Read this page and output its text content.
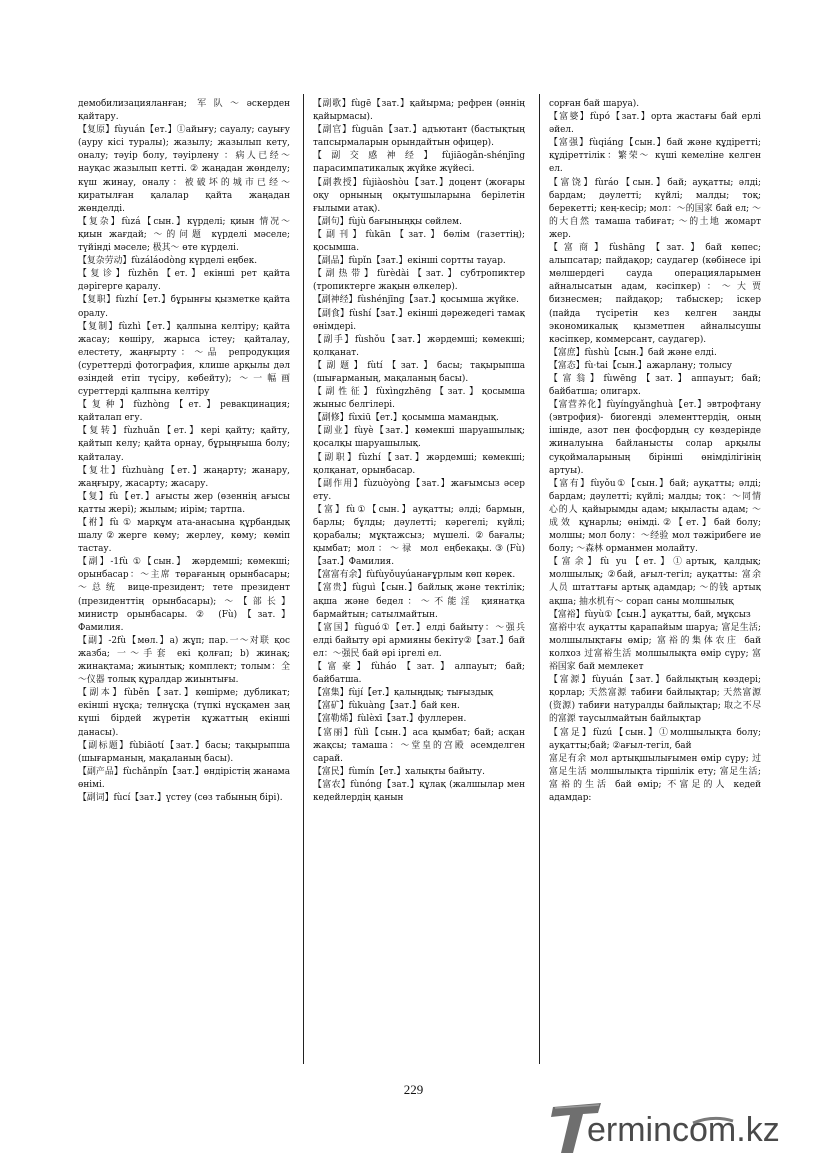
демобилизацияланған; 军队～әскерден қайтару.

【复原】fùyuán【ет.】①айығу; сауалу; сауығу (ауру кісі туралы); жазылу; жазылып кету, оналу; тәуір болу, тәуірлену ：病人已经～ науқас жазылып кетті. ② жаңадан жөнделу; күш жинау, оналу：被破坏的城市已经～қиратылған қалалар қайта жаңадан жөнделді.

【复杂】fùzá【сын.】күрделі; қиын 情况～қиын жағдай; ～的问题 күрделі мәселе; түйінді мәселе; 极其～ өте күрделі.

【复杂劳动】fùzáláodòng күрделі еңбек.

【复诊】fùzhěn【ет.】екінші рет қайта дәрігерге қаралу.

【复职】fùzhí【ет.】бұрынғы қызметке қайта оралу.

【复制】fùzhì【ет.】қалпына келтіру; қайта жасау; көшіру, жарыса істеу; қайталау, елестету, жаңғырту：～品 репродукция (суреттердi фотография, клише арқылы дәл өзiндей етiп түсiру, көбейту); ～一幅画 суреттердi қалпына келтiру

【复种】fùzhòng【ет.】ревакцинация; қайталап егу.

【复转】fùzhuǎn【ет.】кері қайту; қайту, қайтып келу; қайта орнау, бұрыңғыша болу; қайталау.

【复壮】fùzhuàng【ет.】жаңарту; жанару, жаңғыру, жасарту; жасару.

【复】fù【ет.】ағысты жер (өзеннiң ағысы қатты жерi); жылым; иiрiм; тартпа.

【祔】fù ① марқұм ата-анасына құрбандық шалу②жерге көму; жерлеу, көму; көміп тастау.

【副】-1fù ①【сын.】 жәрдемшi; көмекшi; орынбасар：～主席 төрағаның орынбасары; ～总统 вице-президент; тете президент (президенттiң орынбасары); ～【部长】 министр орынбасары. ② (Fù)【зат.】Фамилия.

【副】-2fù【мөл.】а) жұп; пар.一～对联 қос жазба; 一～手套 екі қолғап; b) жинақ; жинақтама; жиынтық; комплект; толым：全～仪器 толық құралдар жиынтығы.

【副本】fùběn【зат.】көшірме; дубликат; екiншi нұсқа; телнұсқа (түпкі нұсқамен заң күші бірдей жүретін құжаттың екiншi данасы).

【副标题】fùbiāotí【зат.】басы; тақырыпша (шығарманың, мақаланың басы).

【副产品】fùchǎnpǐn【зат.】өндірістің жанама өнімі.

【副词】fùcí【зат.】үстеу (сөз табының бірі).

【副歌】fùgē【зат.】қайырма; рефрен (әннің қайырмасы).

【副官】fùguān【зат.】адъютант (бастықтың тапсырмаларын орындайтын офицер).

【副交感神经】fùjiāogǎn-shénjīng парасимпатикалық жүйке жүйесi.

【副教授】fùjiàoshòu【зат.】доцент (жоғары оқу орнының оқытушыларына берiлетiн ғылыми атақ).

【副句】fùjù бағыныңқы сөйлем.

【副刊】fùkān【зат.】бөлiм (газеттiң); қосымша.

【副品】fùpǐn【зат.】екінші сортты тауар.

【副热带】fùrèdài【зат.】субтропиктер (тропиктерге жақын өлкелер).

【副神经】fùshénjīng【зат.】қосымша жүйке.

【副食】fùshí【зат.】екінші дәрежедегі тамақ өнімдері.

【副手】fùshǒu【зат.】жәрдемшi; көмекшi; қолқанат.

【副题】fùtí【зат.】басы; тақырыпша (шығарманың, мақаланың басы).

【副性征】fùxìngzhēng【зат.】қосымша жыныс белгілері.

【副修】fùxiū【ет.】қосымша мамандық.

【副业】fùyè【зат.】көмекші шаруашылық; қосалқы шаруашылық.

【副职】fùzhí【зат.】жәрдемші; көмекші; қолқанат, орынбасар.

【副作用】fùzuòyòng【зат.】жағымсыз әсер ету.

【富】fù①【сын.】ауқатты; әлді; бармын, барлы; бұлды; дәулетті; кәрегелі; күйлі; қорабалы; мұқтажсыз; мүшелі.②бағалы; қымбат; мол：～禄 мол еңбекақы.③(Fù)【зат.】Фамилия.

【富富有余】fùfùyǒuyúанағұрлым көп көрек.

【富贵】fùguì【сын.】байлық және тектілік; ақша және бедел：～不能淫 қиянатқа бармайтын; сатылмайтын.

【富国】fùguó①【ет.】елді байыту：～强兵 елді байыту әрі армияны бекіту②【зат.】бай ел：～强民 бай әрі іргелі ел.

【富豪】fùháo【зат.】алпауыт; бай; байбатша.

【富集】fùjí【ет.】қалыңдық; тығыздық

【富矿】fùkuàng【зат.】бай кен.

【富勒烯】fùlèxī【зат.】фуллерен.

【富丽】fùlì【сын.】аса қымбат; бай; асқан жақсы; тамаша：～堂皇的宫殿 әсемделген сарай.

【富民】fùmín【ет.】халықты байыту.

【富农】fùnóng【зат.】құлақ (жалшылар мен кедейлердің қанын

сорған бай шаруа).

【富婆】fùpó【зат.】орта жастағы бай ерлі әйел.

【富强】fùqiáng【сын.】бай және құдіретті; құдiреттілік：繁荣～ күшi кемелiне келген ел.

【富饶】fùráo【сын.】бай; ауқатты; әлді; бардам; дәулетті; күйлі; малды; тоқ; берекетті; кең-кесір; мол：～的国家 бай ел; ～的大自然 тамаша табиғат; ～的土地 жомарт жер.

【富商】fùshāng【зат.】бай көпес; алыпсатар; пайдақор; саудагер (көбінесе ірі мөлшердегі сауда операцияларымен айналысатын адам, кәсіпкер)：～大贾 бизнесмен; пайдақор; табыскер; іскер (пайда түсіретін кез келген заңды экономикалық қызметпен айналысушы кәсіпкер, коммерсант, саудагер).

【富庶】fùshù【сын.】бай және елді.

【富态】fù·tai【сын.】ажарлану; толысу

【富翁】fùwēng【зат.】аппауыт; бай; байбатша; олигарх.

【富营养化】fùyíngyǎnghuà【ет.】эвтрофтану (эвтрофия)- биогенді элементтердің, оның ішінде, азот пен фосфордың су көздерінде жиналуына байланысты солар арқылы суқоймаларының біріншi өнімділігінің артуы).

【富有】fùyǒu①【сын.】бай; ауқатты; әлді; бардам; дәулетті; күйлі; малды; тоқ：～同情心的人 қайырымды адам; ықыласты адам; ～成效 құнарлы; өнімді.②【ет.】бай болу; молшы; мол болу：～经验 мол тәжірибеге ие болу; ～森林 орманмен молайту.

【富余】fù yu【ет.】①артық, қалдық; молшылық; ②бай, ағыл-тегіл; ауқатты: 富余人员 штаттағы артық адамдар; ～的钱 артық ақша; 抽水机有～ сорап саны молшылық

【富裕】fùyù①【сын.】ауқатты, бай, мұқсыз

富裕中农 ауқатты қарапайым шаруа; 富足生活; молшылықтағы өмір; 富裕的集体农庄 бай колхоз 过富裕生活 молшылықта өмір сүру; 富裕国家 бай мемлекет

【富源】fùyuán【зат.】байлықтың көздері; қорлар; 天然富源 табиғи байлықтар; 天然富源(资源) табиғи натуралды байлықтар; 取之不尽的富源 таусылмайтын байлықтар

【富足】fùzú【сын.】①молшылықта болу; ауқатты;бай; ②ағыл-тегіл, бай

富足有余 мол артықшылығымен өмір сүру; 过富足生活 молшылықта тіршілік ету; 富足生活; 富裕的生活 бай өмір; 不富足的人 кедей адамдар:

229
ermincom.kz
